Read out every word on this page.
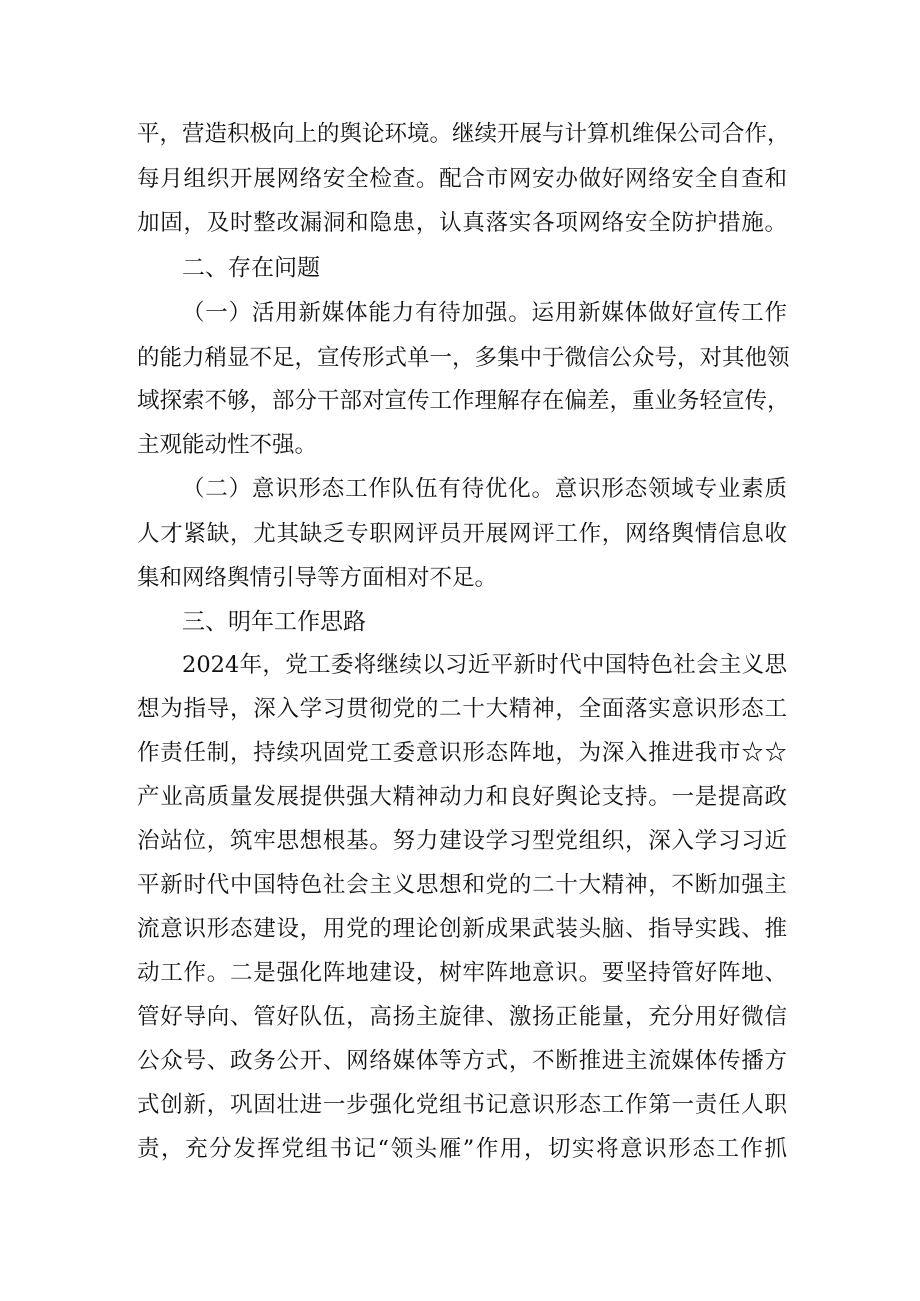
平，营造积极向上的舆论环境。继续开展与计算机维保公司合作，

每月组织开展网络安全检查。配合市网安办做好网络安全自查和

加固，及时整改漏洞和隐患，认真落实各项网络安全防护措施。

二、存在问题

（一）活用新媒体能力有待加强。运用新媒体做好宣传工作

的能力稍显不足，宣传形式单一，多集中于微信公众号，对其他领

域探索不够，部分干部对宣传工作理解存在偏差，重业务轻宣传，

主观能动性不强。

（二）意识形态工作队伍有待优化。意识形态领域专业素质

人才紧缺，尤其缺乏专职网评员开展网评工作，网络舆情信息收

集和网络舆情引导等方面相对不足。

三、明年工作思路

2024年，党工委将继续以习近平新时代中国特色社会主义思

想为指导，深入学习贯彻党的二十大精神，全面落实意识形态工

作责任制，持续巩固党工委意识形态阵地，为深入推进我市☆☆

产业高质量发展提供强大精神动力和良好舆论支持。一是提高政

治站位，筑牢思想根基。努力建设学习型党组织，深入学习习近

平新时代中国特色社会主义思想和党的二十大精神，不断加强主

流意识形态建设，用党的理论创新成果武装头脑、指导实践、推

动工作。二是强化阵地建设，树牢阵地意识。要坚持管好阵地、

管好导向、管好队伍，高扬主旋律、激扬正能量，充分用好微信

公众号、政务公开、网络媒体等方式，不断推进主流媒体传播方

式创新，巩固壮进一步强化党组书记意识形态工作第一责任人职

责，充分发挥党组书记“领头雁”作用，切实将意识形态工作抓
